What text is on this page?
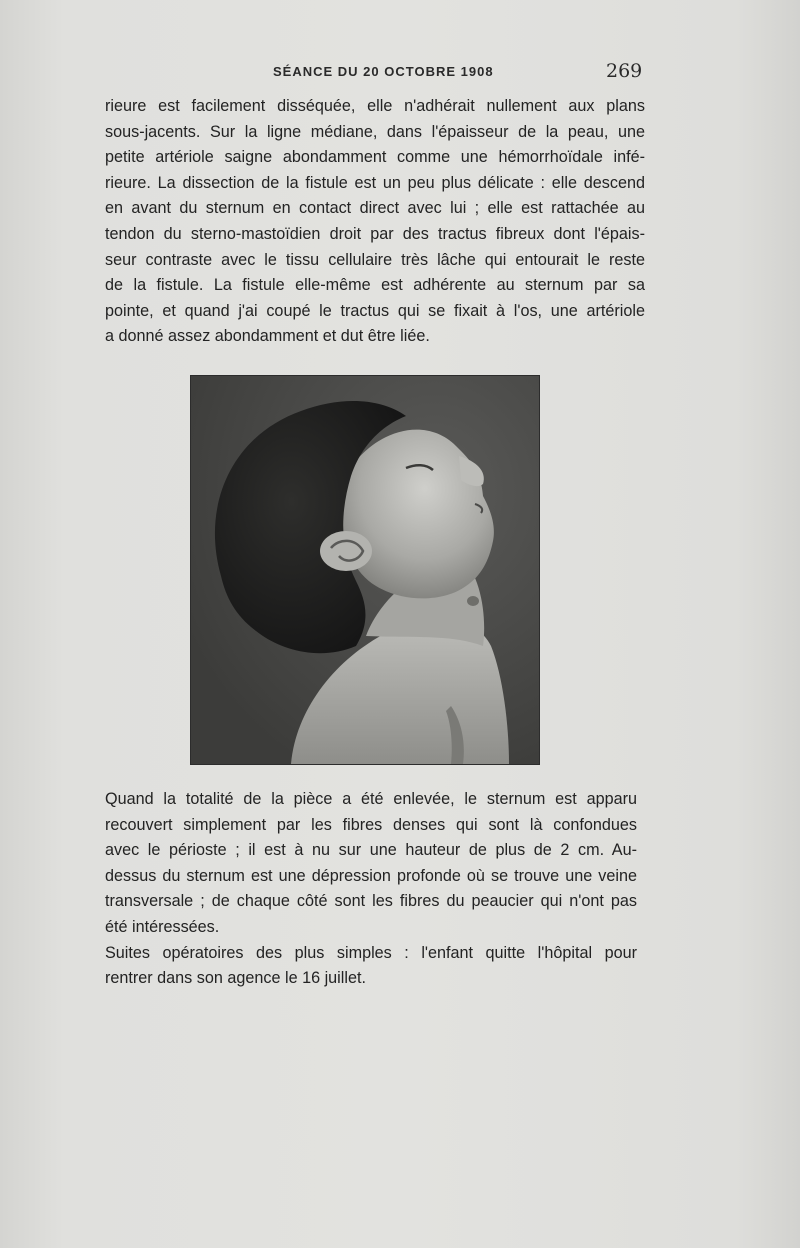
SÉANCE DU 20 OCTOBRE 1908	269
rieure est facilement disséquée, elle n'adhérait nullement aux plans
sous-jacents. Sur la ligne médiane, dans l'épaisseur de la peau, une
petite artériole saigne abondamment comme une hémorrhoïdale infé-
rieure. La dissection de la fistule est un peu plus délicate : elle descend
en avant du sternum en contact direct avec lui ; elle est rattachée au
tendon du sterno-mastoïdien droit par des tractus fibreux dont l'épais-
seur contraste avec le tissu cellulaire très lâche qui entourait le reste
de la fistule. La fistule elle-même est adhérente au sternum par sa
pointe, et quand j'ai coupé le tractus qui se fixait à l'os, une artériole
a donné assez abondamment et dut être liée.
Quand la totalité de la pièce a été enlevée, le sternum est apparu
recouvert simplement par les fibres denses qui sont là confondues
avec le périoste ; il est à nu sur une hauteur de plus de 2 cm. Au-
dessus du sternum est une dépression profonde où se trouve une veine
transversale ; de chaque côté sont les fibres du peaucier qui n'ont pas
été intéressées.
Suites opératoires des plus simples : l'enfant quitte l'hôpital pour
rentrer dans son agence le 16 juillet.
